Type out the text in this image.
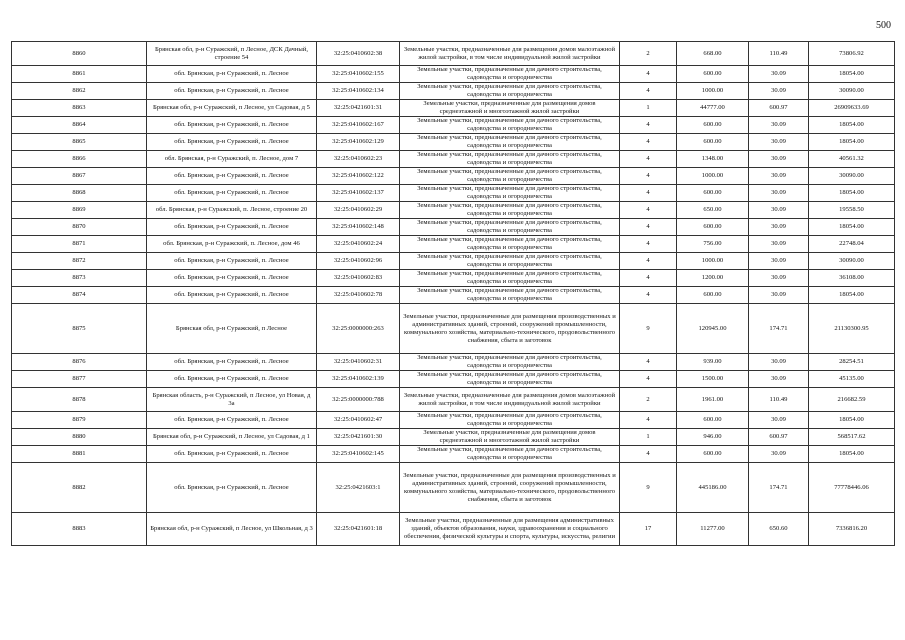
500
8860	Брянская обл, р-н Суражский, п Лесное, ДСК Дачный, строение 54	32:25:0410602:38	Земельные участки, предназначенные для размещения домов малоэтажной жилой застройки, в том числе индивидуальной жилой застройки	2	668.00	110.49	73806.92
8861	обл. Брянская, р-н Суражский, п. Лесное	32:25:0410602:155	Земельные участки, предназначенные для дачного строительства, садоводства и огородничества	4	600.00	30.09	18054.00
8862	обл. Брянская, р-н Суражский, п. Лесное	32:25:0410602:134	Земельные участки, предназначенные для дачного строительства, садоводства и огородничества	4	1000.00	30.09	30090.00
8863	Брянская обл, р-н Суражский, п Лесное, ул Садовая, д 5	32:25:0421601:31	Земельные участки, предназначенные для размещения домов среднеэтажной и многоэтажной жилой застройки	1	44777.00	600.97	26909633.69
8864	обл. Брянская, р-н Суражский, п. Лесное	32:25:0410602:167	Земельные участки, предназначенные для дачного строительства, садоводства и огородничества	4	600.00	30.09	18054.00
8865	обл. Брянская, р-н Суражский, п. Лесное	32:25:0410602:129	Земельные участки, предназначенные для дачного строительства, садоводства и огородничества	4	600.00	30.09	18054.00
8866	обл. Брянская, р-н Суражский, п. Лесное, дом 7	32:25:0410602:23	Земельные участки, предназначенные для дачного строительства, садоводства и огородничества	4	1348.00	30.09	40561.32
8867	обл. Брянская, р-н Суражский, п. Лесное	32:25:0410602:122	Земельные участки, предназначенные для дачного строительства, садоводства и огородничества	4	1000.00	30.09	30090.00
8868	обл. Брянская, р-н Суражский, п. Лесное	32:25:0410602:137	Земельные участки, предназначенные для дачного строительства, садоводства и огородничества	4	600.00	30.09	18054.00
8869	обл. Брянская, р-н Суражский, п. Лесное, строение 20	32:25:0410602:29	Земельные участки, предназначенные для дачного строительства, садоводства и огородничества	4	650.00	30.09	19558.50
8870	обл. Брянская, р-н Суражский, п. Лесное	32:25:0410602:148	Земельные участки, предназначенные для дачного строительства, садоводства и огородничества	4	600.00	30.09	18054.00
8871	обл. Брянская, р-н Суражский, п. Лесное, дом 46	32:25:0410602:24	Земельные участки, предназначенные для дачного строительства, садоводства и огородничества	4	756.00	30.09	22748.04
8872	обл. Брянская, р-н Суражский, п. Лесное	32:25:0410602:96	Земельные участки, предназначенные для дачного строительства, садоводства и огородничества	4	1000.00	30.09	30090.00
8873	обл. Брянская, р-н Суражский, п. Лесное	32:25:0410602:83	Земельные участки, предназначенные для дачного строительства, садоводства и огородничества	4	1200.00	30.09	36108.00
8874	обл. Брянская, р-н Суражский, п. Лесное	32:25:0410602:78	Земельные участки, предназначенные для дачного строительства, садоводства и огородничества	4	600.00	30.09	18054.00
8875	Брянская обл, р-н Суражский, п Лесное	32:25:0000000:263	Земельные участки, предназначенные для размещения производственных и административных зданий, строений, сооружений промышленности, коммунального хозяйства, материально-технического, продовольственного снабжения, сбыта и заготовок	9	120945.00	174.71	21130300.95
8876	обл. Брянская, р-н Суражский, п. Лесное	32:25:0410602:31	Земельные участки, предназначенные для дачного строительства, садоводства и огородничества	4	939.00	30.09	28254.51
8877	обл. Брянская, р-н Суражский, п. Лесное	32:25:0410602:139	Земельные участки, предназначенные для дачного строительства, садоводства и огородничества	4	1500.00	30.09	45135.00
8878	Брянская область, р-н Суражский, п Лесное, ул Новая, д 3а	32:25:0000000:788	Земельные участки, предназначенные для размещения домов малоэтажной жилой застройки, в том числе индивидуальной жилой застройки	2	1961.00	110.49	216682.59
8879	обл. Брянская, р-н Суражский, п. Лесное	32:25:0410602:47	Земельные участки, предназначенные для дачного строительства, садоводства и огородничества	4	600.00	30.09	18054.00
8880	Брянская обл, р-н Суражский, п Лесное, ул Садовая, д 1	32:25:0421601:30	Земельные участки, предназначенные для размещения домов среднеэтажной и многоэтажной жилой застройки	1	946.00	600.97	568517.62
8881	обл. Брянская, р-н Суражский, п. Лесное	32:25:0410602:145	Земельные участки, предназначенные для дачного строительства, садоводства и огородничества	4	600.00	30.09	18054.00
8882	обл. Брянская, р-н Суражский, п. Лесное	32:25:0421603:1	Земельные участки, предназначенные для размещения производственных и административных зданий, строений, сооружений промышленности, коммунального хозяйства, материально-технического, продовольственного снабжения, сбыта и заготовок	9	445186.00	174.71	77778446.06
8883	Брянская обл, р-н Суражский, п Лесное, ул Школьная, д 3	32:25:0421601:18	Земельные участки, предназначенные для размещения административных зданий, объектов образования, науки, здравоохранения и социального обеспечения, физической культуры и спорта, культуры, искусства, религии	17	11277.00	650.60	7336816.20
